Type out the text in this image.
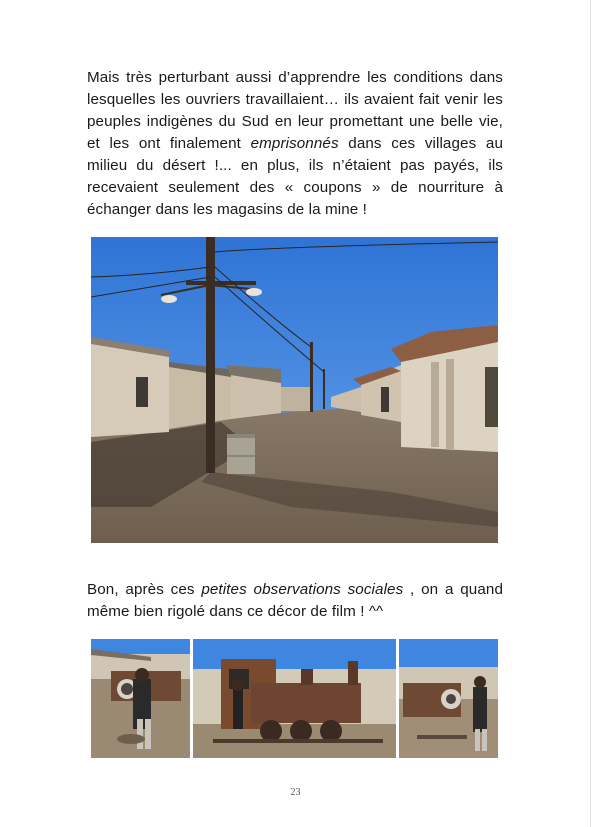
Mais très perturbant aussi d’apprendre les conditions dans lesquelles les ouvriers travaillaient… ils avaient fait venir les peuples indigènes du Sud en leur promettant une belle vie, et les ont finalement emprisonnés dans ces villages au milieu du désert !... en plus, ils n’étaient pas payés, ils recevaient seulement des « coupons » de nourriture à échanger dans les magasins de la mine !

Bon, après ces petites observations sociales , on a quand même bien rigolé dans ce décor de film ! ^^

23
